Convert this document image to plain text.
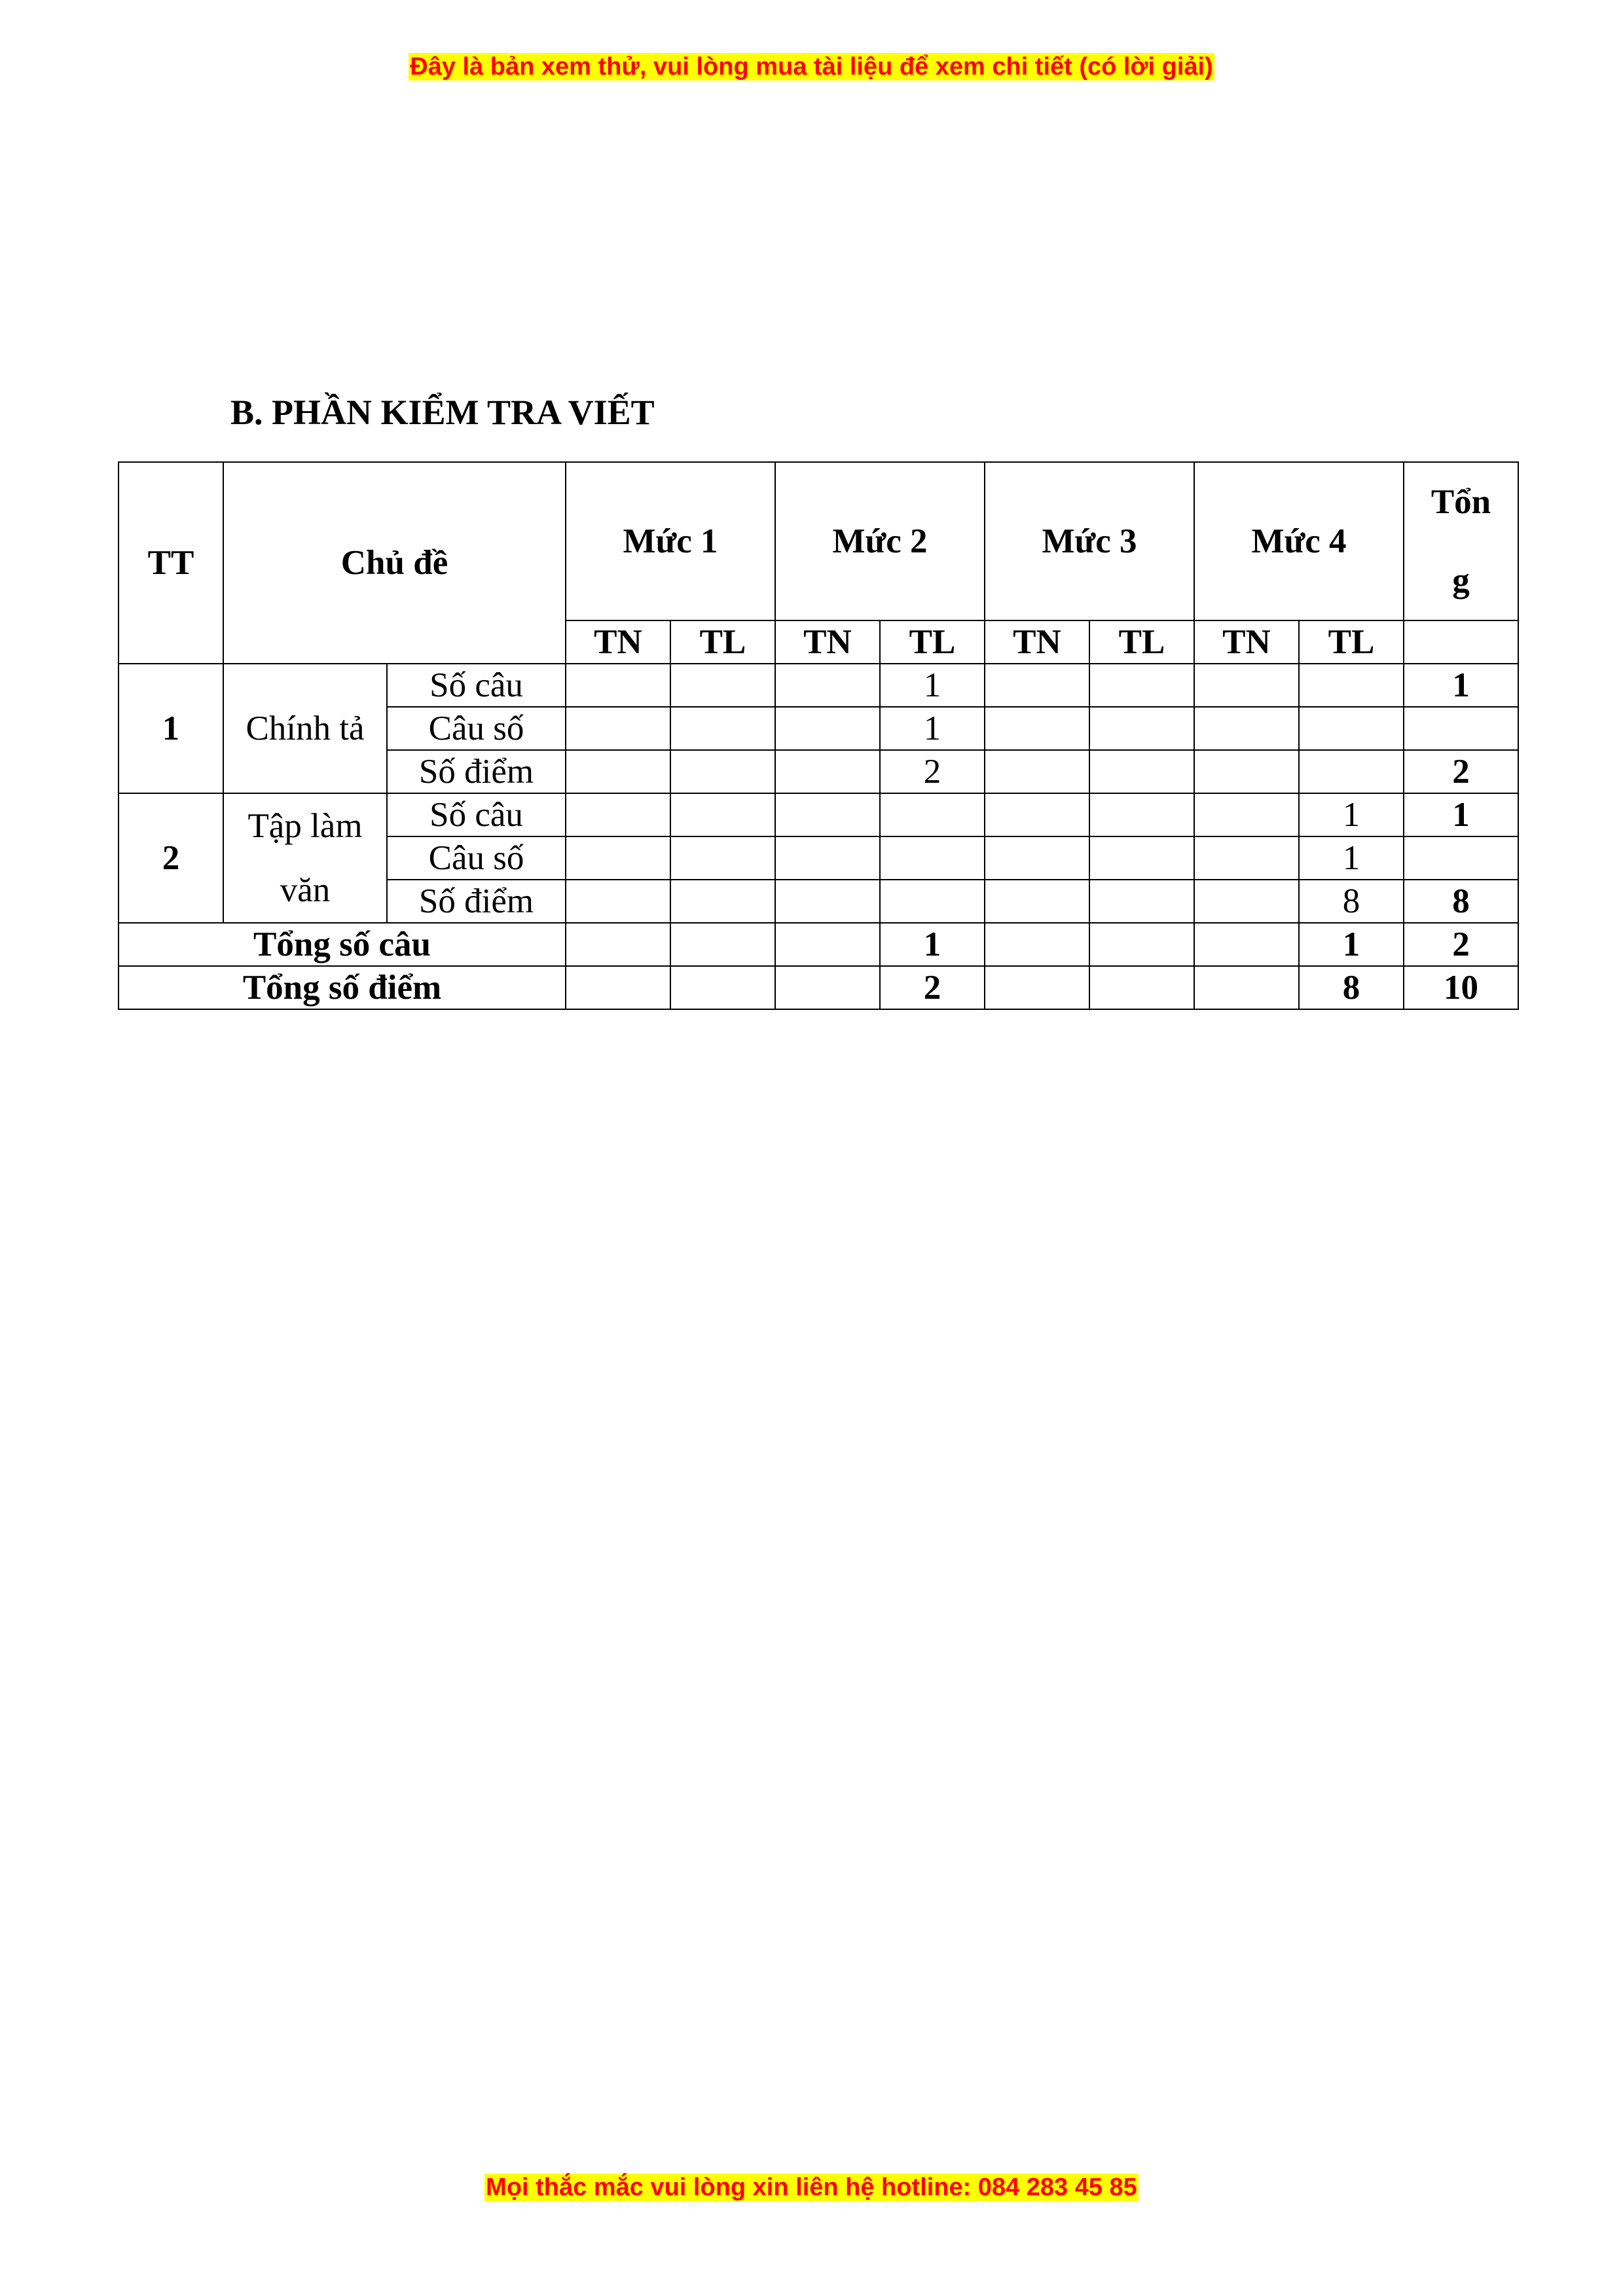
Đây là bản xem thử, vui lòng mua tài liệu để xem chi tiết (có lời giải)
B. PHẦN KIỂM TRA VIẾT
TT	Chủ đề		Mức 1		Mức 2		Mức 3		Mức 4		Tổng
			TN	TL	TN	TL	TN	TL	TN	TL	
1	Chính tả	Số câu				1					1
		Câu số				1					
		Số điểm				2					2
2	Tập làm văn	Số câu								1	1
		Câu số								1	
		Số điểm								8	8
Tổng số câu						1				1	2
Tổng số điểm						2				8	10
Mọi thắc mắc vui lòng xin liên hệ hotline: 084 283 45 85
